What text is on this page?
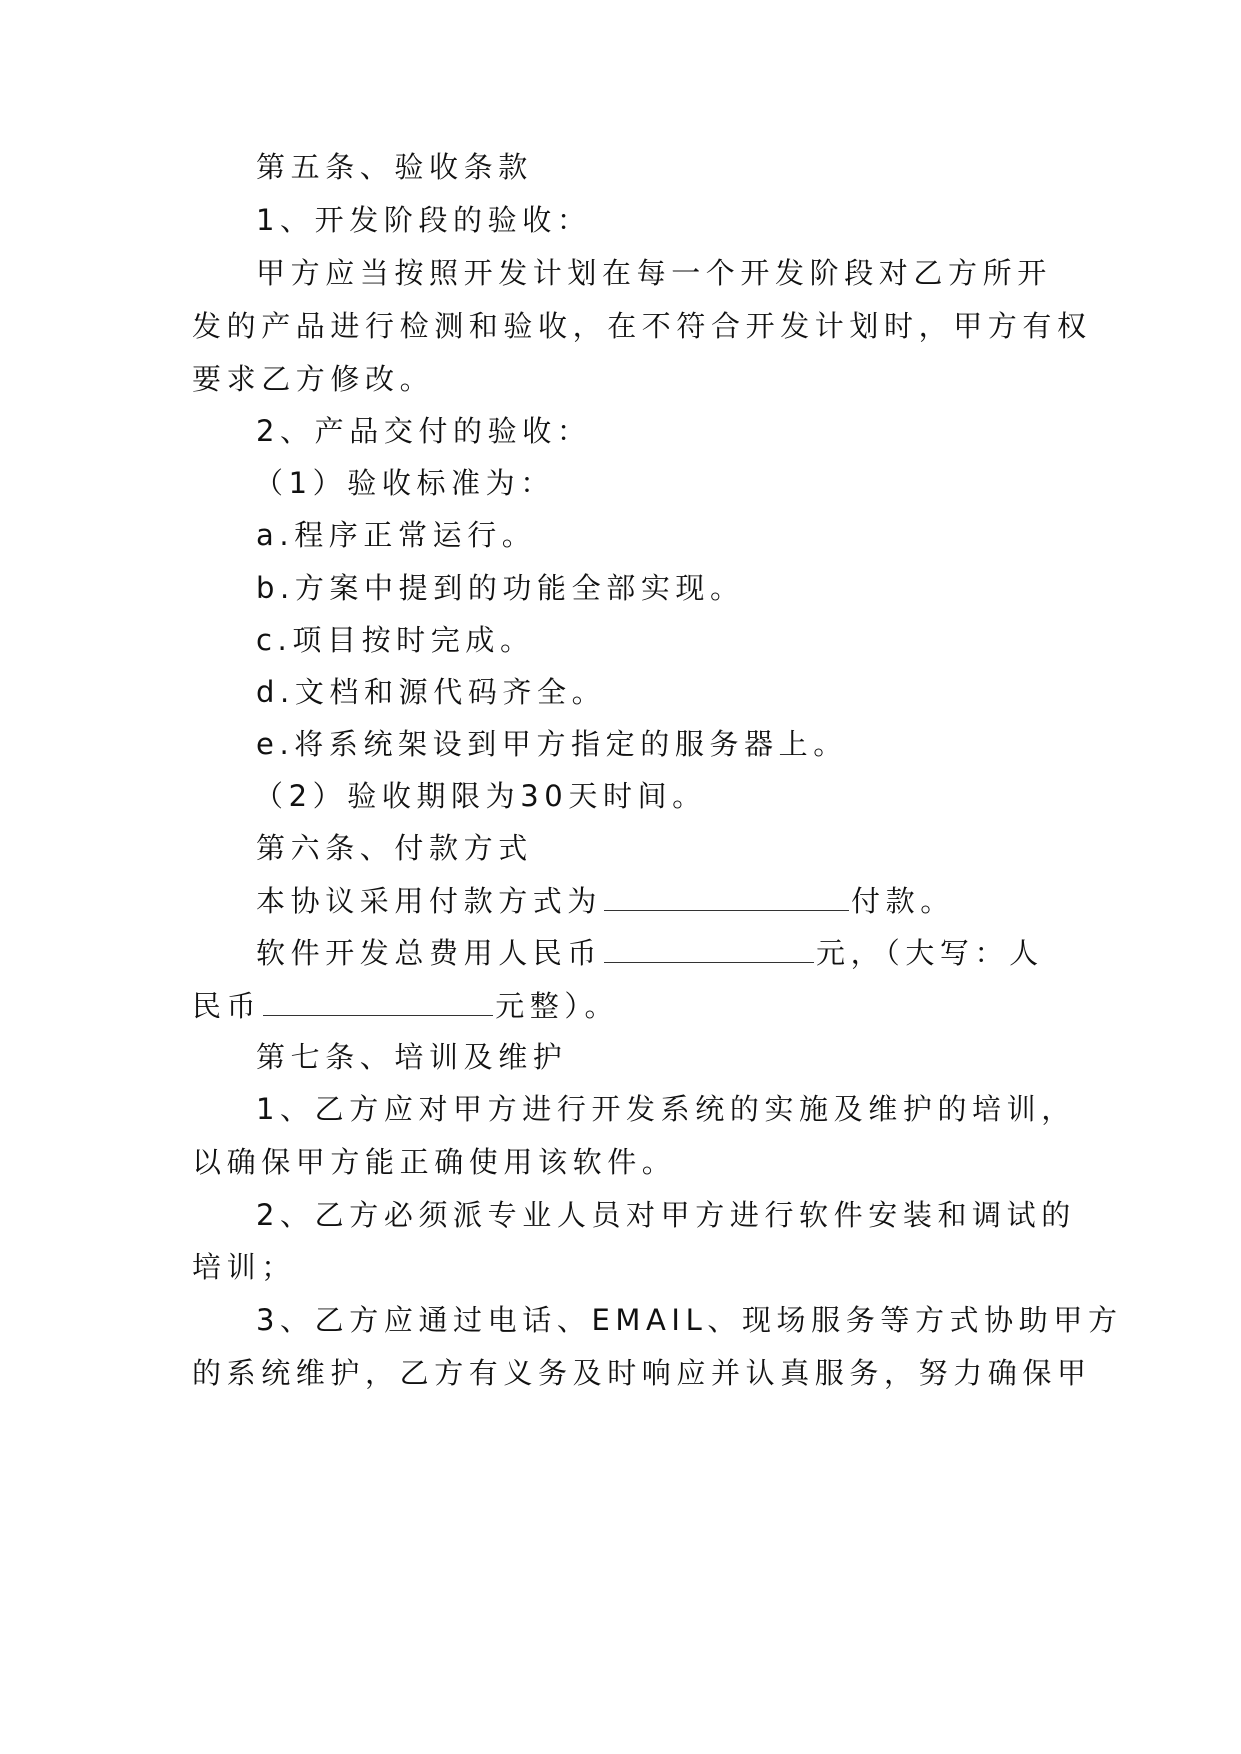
第五条、验收条款
1、开发阶段的验收：
甲方应当按照开发计划在每一个开发阶段对乙方所开
发的产品进行检测和验收，在不符合开发计划时，甲方有权
要求乙方修改。
2、产品交付的验收：
（1）验收标准为：
a.程序正常运行。
b.方案中提到的功能全部实现。
c.项目按时完成。
d.文档和源代码齐全。
e.将系统架设到甲方指定的服务器上。
（2）验收期限为30天时间。
第六条、付款方式
本协议采用付款方式为	付款。
软件开发总费用人民币	元，（大写：人
民币	元整）。
第七条、培训及维护
1、乙方应对甲方进行开发系统的实施及维护的培训，
以确保甲方能正确使用该软件。
2、乙方必须派专业人员对甲方进行软件安装和调试的
培训；
3、乙方应通过电话、EMAIL、现场服务等方式协助甲方
的系统维护，乙方有义务及时响应并认真服务，努力确保甲
